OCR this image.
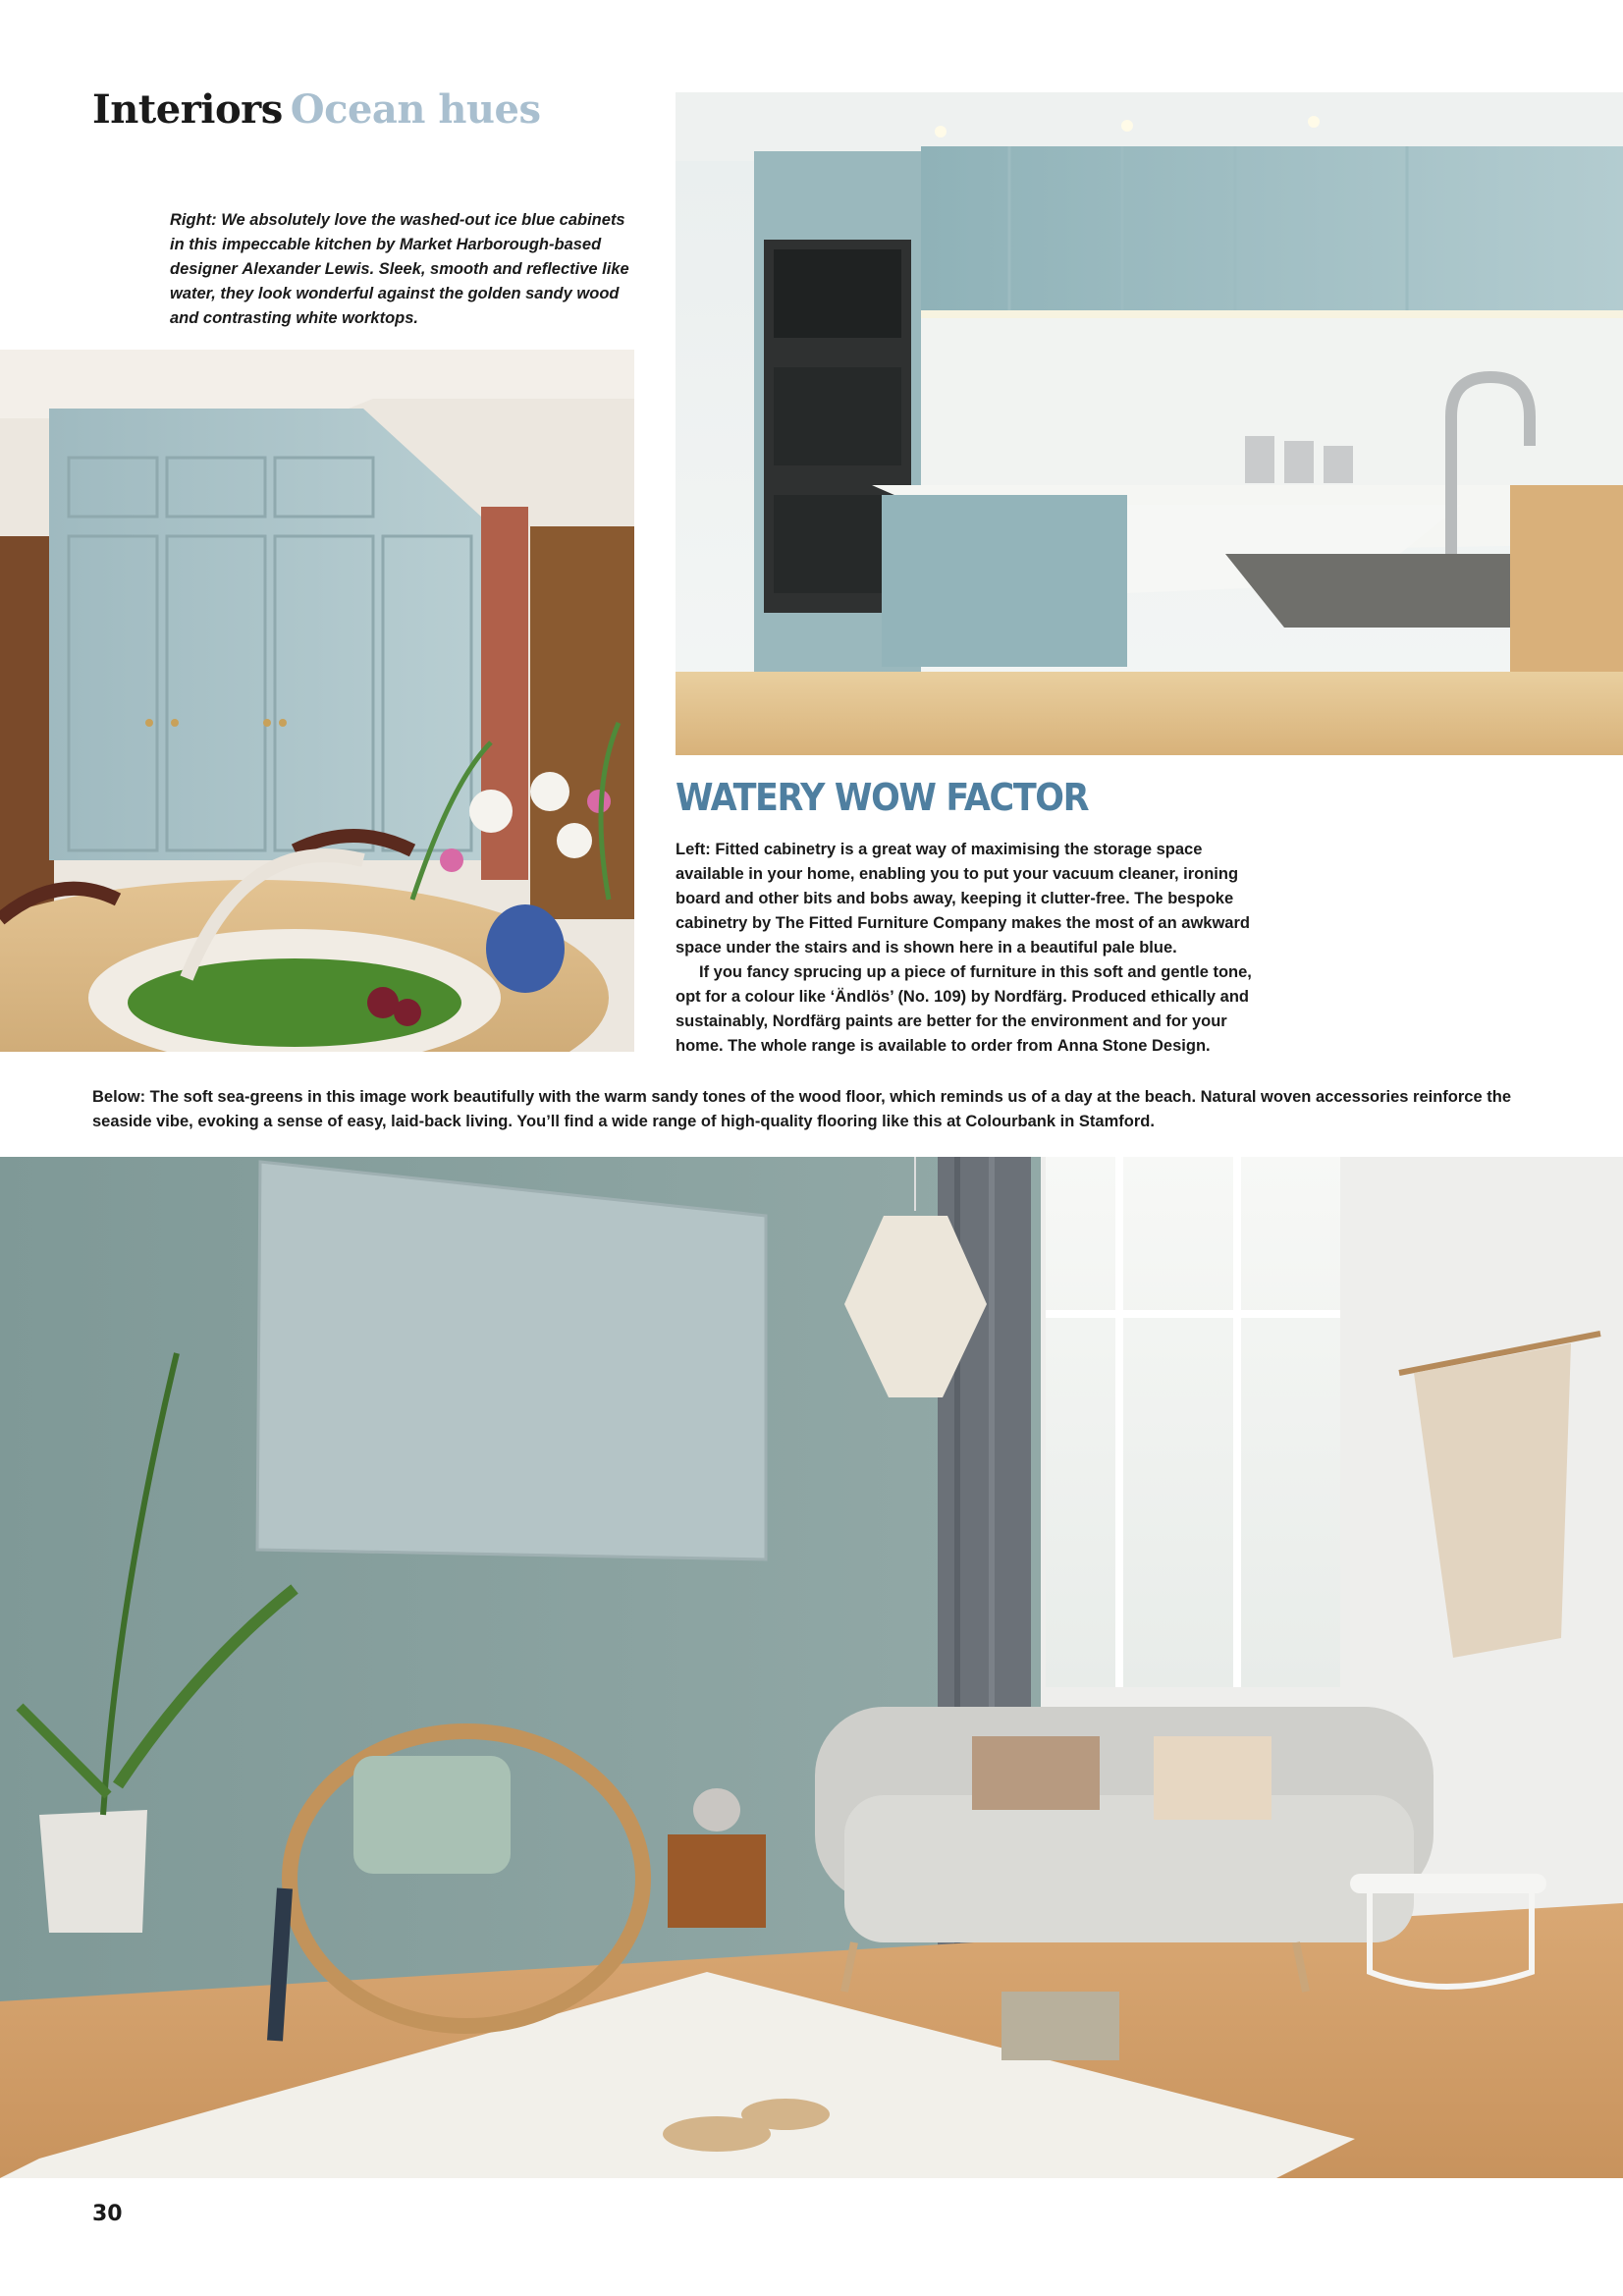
Interiors Ocean hues
Right: We absolutely love the washed-out ice blue cabinets in this impeccable kitchen by Market Harborough-based designer Alexander Lewis. Sleek, smooth and reflective like water, they look wonderful against the golden sandy wood and contrasting white worktops.
WATERY WOW FACTOR

Left: Fitted cabinetry is a great way of maximising the storage space available in your home, enabling you to put your vacuum cleaner, ironing board and other bits and bobs away, keeping it clutter-free. The bespoke cabinetry by The Fitted Furniture Company makes the most of an awkward space under the stairs and is shown here in a beautiful pale blue.

If you fancy sprucing up a piece of furniture in this soft and gentle tone, opt for a colour like ‘Ändlös’ (No. 109) by Nordfärg. Produced ethically and sustainably, Nordfärg paints are better for the environment and for your home. The whole range is available to order from Anna Stone Design.

Below: The soft sea-greens in this image work beautifully with the warm sandy tones of the wood floor, which reminds us of a day at the beach. Natural woven accessories reinforce the seaside vibe, evoking a sense of easy, laid-back living. You’ll find a wide range of high-quality flooring like this at Colourbank in Stamford.
30
